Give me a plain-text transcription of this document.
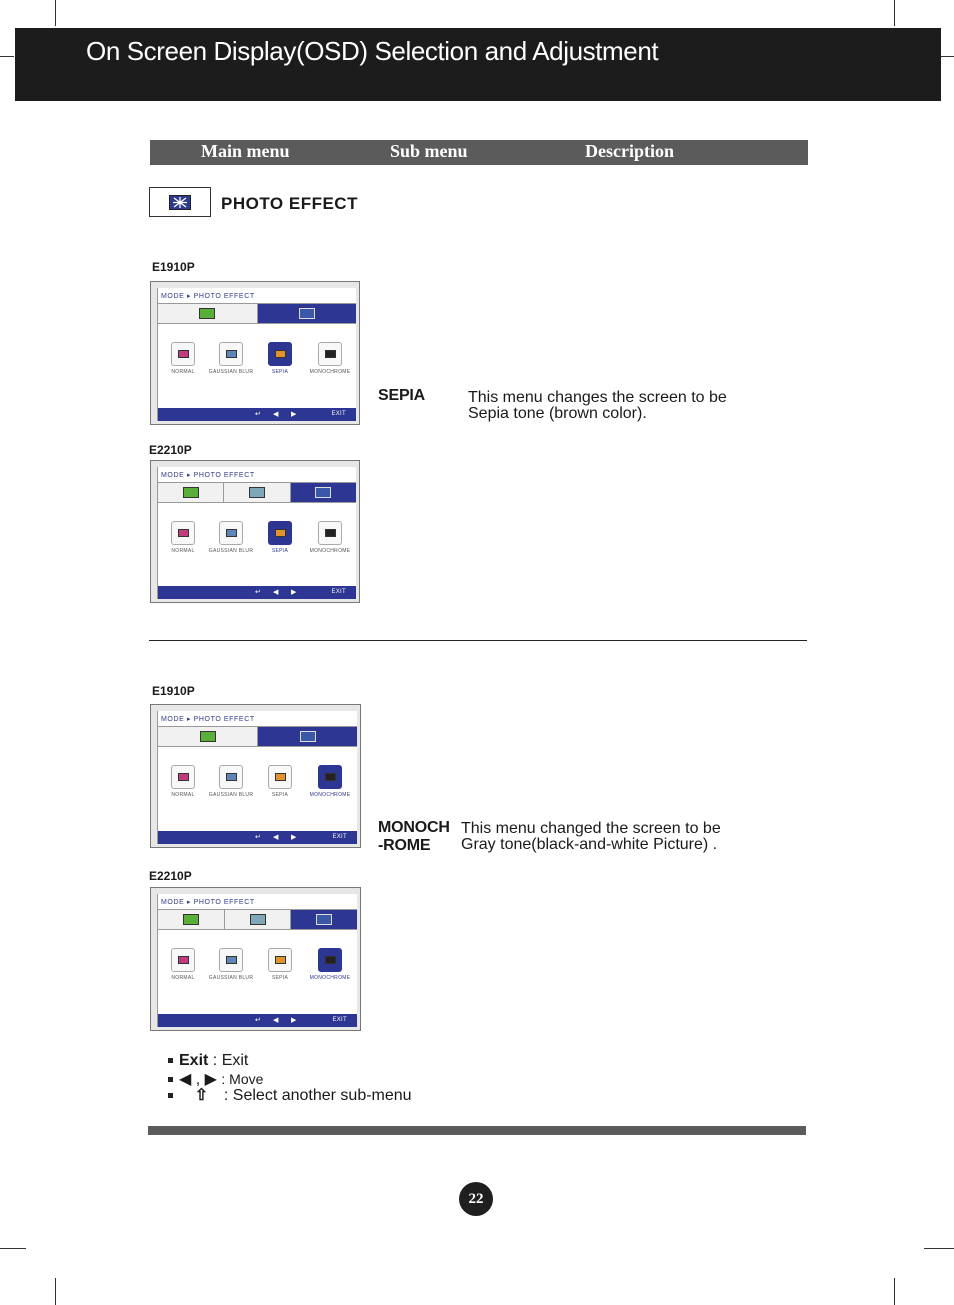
On Screen Display(OSD) Selection and Adjustment
Main menu	Sub menu	Description
PHOTO EFFECT
E1910P
E2210P
E1910P
E2210P
MODE ▸ PHOTO EFFECT
NORMAL	GAUSSIAN BLUR	SEPIA	MONOCHROME
↵ ◀ ▶	EXIT
MODE ▸ PHOTO EFFECT
NORMAL	GAUSSIAN BLUR	SEPIA	MONOCHROME
↵ ◀ ▶	EXIT
MODE ▸ PHOTO EFFECT
NORMAL	GAUSSIAN BLUR	SEPIA	MONOCHROME
↵ ◀ ▶	EXIT
MODE ▸ PHOTO EFFECT
NORMAL	GAUSSIAN BLUR	SEPIA	MONOCHROME
↵ ◀ ▶	EXIT
SEPIA	This menu changes the screen to be
Sepia tone (brown color).
MONOCH
-ROME
This menu changed the screen to be
Gray tone(black-and-white Picture) .
Exit : Exit
◀ , ▶ : Move
⇧ : Select another sub-menu
22
